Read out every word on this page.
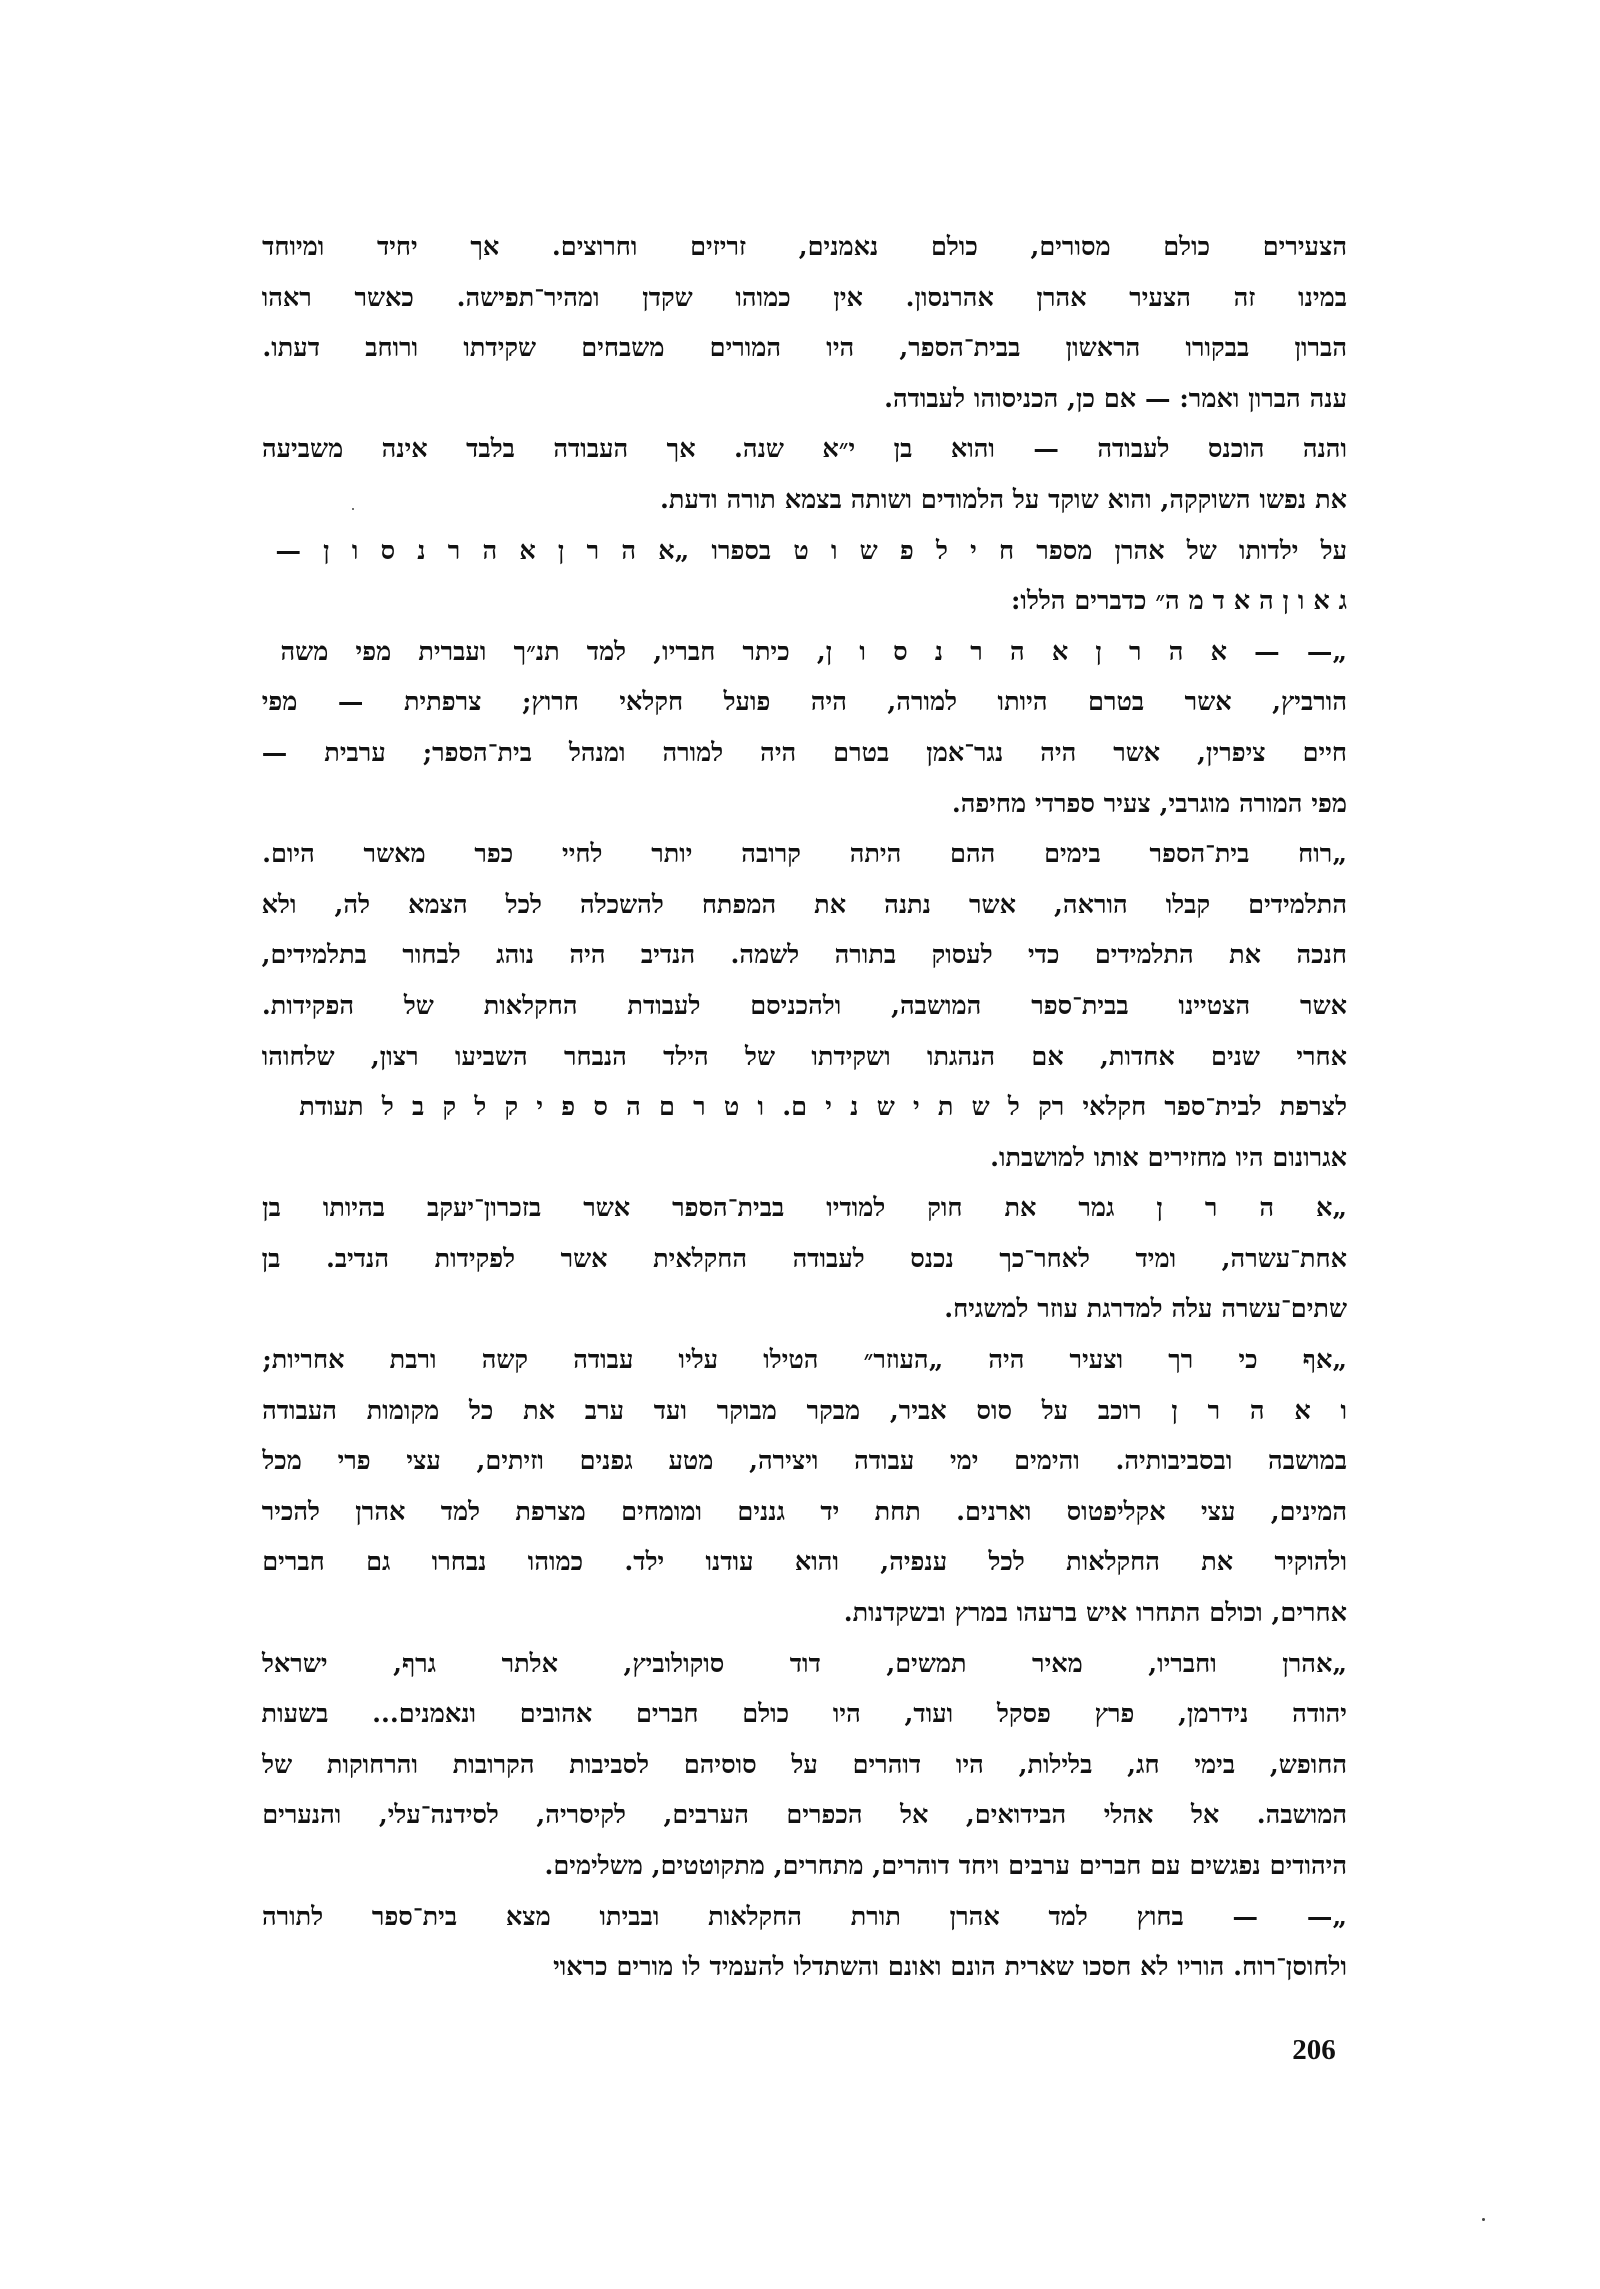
הצעירים כולם מסורים, כולם נאמנים, זריזים וחרוצים. אך יחיד ומיוחד
במינו זה הצעיר אהרן אהרנסון. אין כמוהו שקדן ומהיר־תפישה. כאשר ראהו
הברון בבקורו הראשון בבית־הספר, היו המורים משבחים שקידתו ורוחב דעתו.
ענה הברון ואמר: — אם כן, הכניסוהו לעבודה.
והנה הוכנס לעבודה — והוא בן י״א שנה. אך העבודה בלבד אינה משביעה
את נפשו השוקקה, והוא שוקד על הלמודים ושותה בצמא תורה ודעת.
על ילדותו של אהרן מספר ח י ל פ ש ו ט בספרו „א ה ר ן א ה ר נ ס ו ן —
ג א ו ן ה א ד מ ה״ כדברים הללו:
„— — א ה ר ן א ה ר נ ס ו ן, כיתר חבריו, למד תנ״ך ועברית מפי משה
הורביץ, אשר בטרם היותו למורה, היה פועל חקלאי חרוץ; צרפתית — מפי
חיים ציפרין, אשר היה נגר־אמן בטרם היה למורה ומנהל בית־הספר; ערבית —
מפי המורה מוגרבי, צעיר ספרדי מחיפה.
„רוח בית־הספר בימים ההם היתה קרובה יותר לחיי כפר מאשר היום.
התלמידים קבלו הוראה, אשר נתנה את המפתח להשכלה לכל הצמא לה, ולא
חנכה את התלמידים כדי לעסוק בתורה לשמה. הנדיב היה נוהג לבחור בתלמידים,
אשר הצטיינו בבית־ספר המושבה, ולהכניסם לעבודת החקלאות של הפקידות.
אחרי שנים אחדות, אם הנהגתו ושקידתו של הילד הנבחר השביעו רצון, שלחוהו
לצרפת לבית־ספר חקלאי רק ל ש ת י ש נ י ם. ו ט ר ם ה ס פ י ק ל ק ב ל תעודת
אגרונום היו מחזירים אותו למושבתו.
„א ה ר ן גמר את חוק למודיו בבית־הספר אשר בזכרון־יעקב בהיותו בן
אחת־עשרה, ומיד לאחר־כך נכנס לעבודה החקלאית אשר לפקידות הנדיב. בן
שתים־עשרה עלה למדרגת עוזר למשגיח.
„אף כי רך וצעיר היה „העוזר״ הטילו עליו עבודה קשה ורבת אחריות;
ו א ה ר ן רוכב על סוס אביר, מבקר מבוקר ועד ערב את כל מקומות העבודה
במושבה ובסביבותיה. והימים ימי עבודה ויצירה, מטע גפנים וזיתים, עצי פרי מכל
המינים, עצי אקליפטוס וארנים. תחת יד גננים ומומחים מצרפת למד אהרן להכיר
ולהוקיר את החקלאות לכל ענפיה, והוא עודנו ילד. כמוהו נבחרו גם חברים
אחרים, וכולם התחרו איש ברעהו במרץ ובשקדנות.
„אהרן וחבריו, מאיר תמשים, דוד סוקולוביץ, אלתר גרף, ישראל
יהודה נידרמן, פרץ פסקל ועוד, היו כולם חברים אהובים ונאמנים... בשעות
החופש, בימי חג, בלילות, היו דוהרים על סוסיהם לסביבות הקרובות והרחוקות של
המושבה. אל אהלי הבידואים, אל הכפרים הערבים, לקיסריה, לסידנה־עלי, והנערים
היהודים נפגשים עם חברים ערבים ויחד דוהרים, מתחרים, מתקוטטים, משלימים.
„— — בחוץ למד אהרן תורת החקלאות ובביתו מצא בית־ספר לתורה
ולחוסן־רוח. הוריו לא חסכו שארית הונם ואונם והשתדלו להעמיד לו מורים כראוי
206
